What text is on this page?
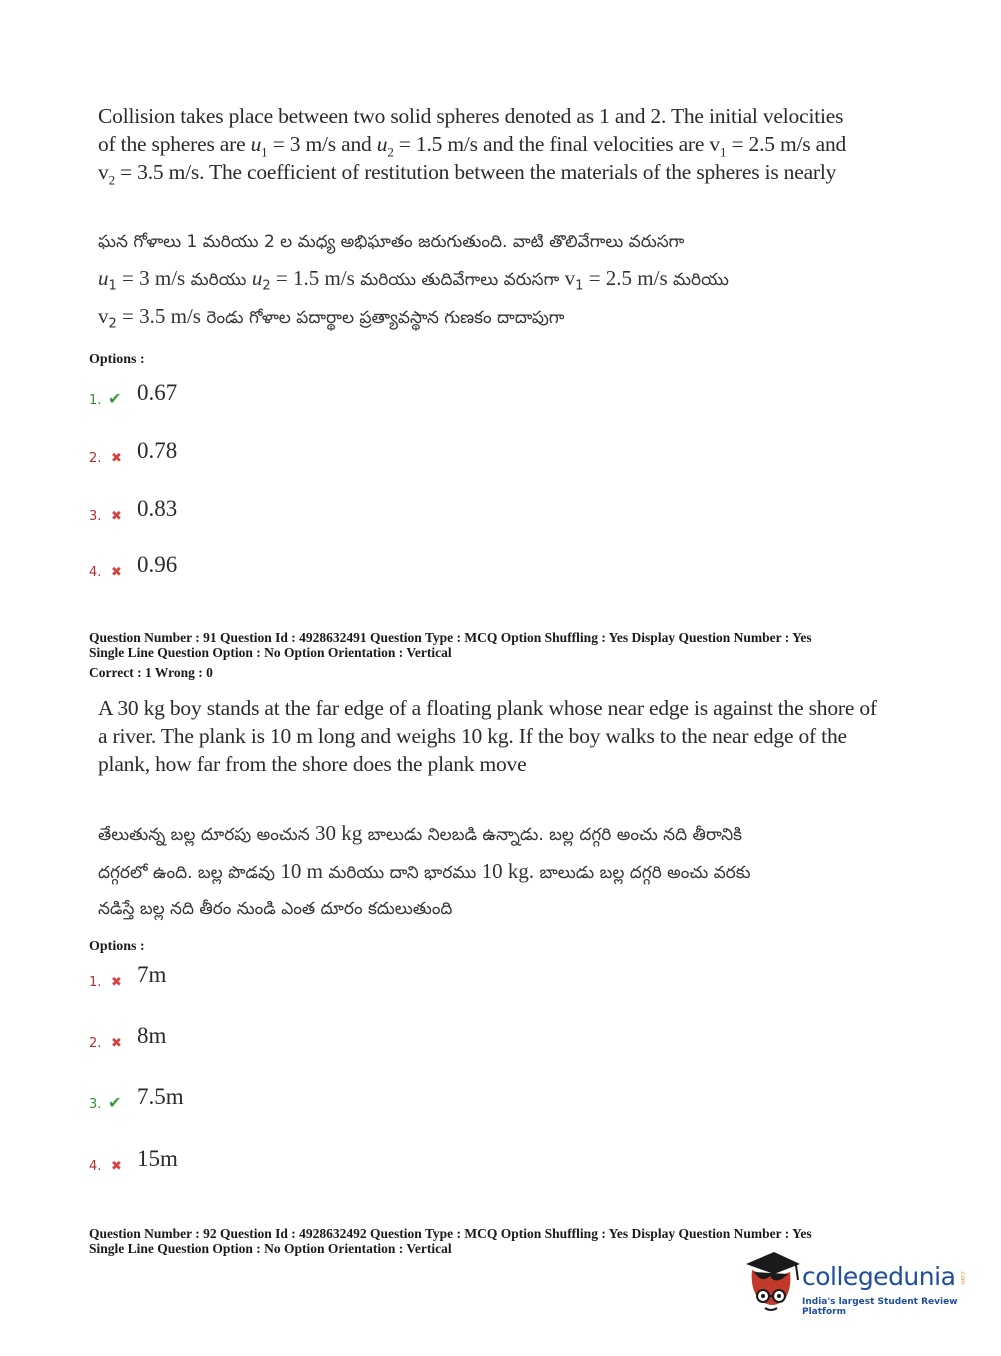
Collision takes place between two solid spheres denoted as 1 and 2. The initial velocities
of the spheres are $u_1 = 3$ m/s and $u_2 = 1.5$ m/s and the final velocities are $v_1 = 2.5$ m/s and
$v_2 = 3.5$ m/s. The coefficient of restitution between the materials of the spheres is nearly
ఘన గోళాలు 1 మరియు 2 ల మధ్య అభిఘాతం జరుగుతుంది. వాటి తొలివేగాలు వరుసగా
$u_1 = 3$ m/s మరియు $u_2 = 1.5$ m/s మరియు తుదివేగాలు వరుసగా $v_1 = 2.5$ m/s మరియు
$v_2 = 3.5$ m/s రెండు గోళాల పదార్థాల ప్రత్యావస్థాన గుణకం దాదాపుగా
Options :
1. ✔ 0.67
2. ✖ 0.78
3. ✖ 0.83
4. ✖ 0.96
Question Number : 91 Question Id : 4928632491 Question Type : MCQ Option Shuffling : Yes Display Question Number : Yes
Single Line Question Option : No Option Orientation : Vertical
Correct : 1 Wrong : 0
A 30 kg boy stands at the far edge of a floating plank whose near edge is against the shore of
a river. The plank is 10 m long and weighs 10 kg. If the boy walks to the near edge of the
plank, how far from the shore does the plank move
తేలుతున్న బల్ల దూరపు అంచున 30 kg బాలుడు నిలబడి ఉన్నాడు. బల్ల దగ్గరి అంచు నది తీరానికి
దగ్గరలో ఉంది. బల్ల పొడవు 10 m మరియు దాని భారము 10 kg. బాలుడు బల్ల దగ్గరి అంచు వరకు
నడిస్తే బల్ల నది తీరం నుండి ఎంత దూరం కదులుతుంది
Options :
1. ✖ 7m
2. ✖ 8m
3. ✔ 7.5m
4. ✖ 15m
Question Number : 92 Question Id : 4928632492 Question Type : MCQ Option Shuffling : Yes Display Question Number : Yes
Single Line Question Option : No Option Orientation : Vertical
collegedunia .com
India's largest Student Review Platform
